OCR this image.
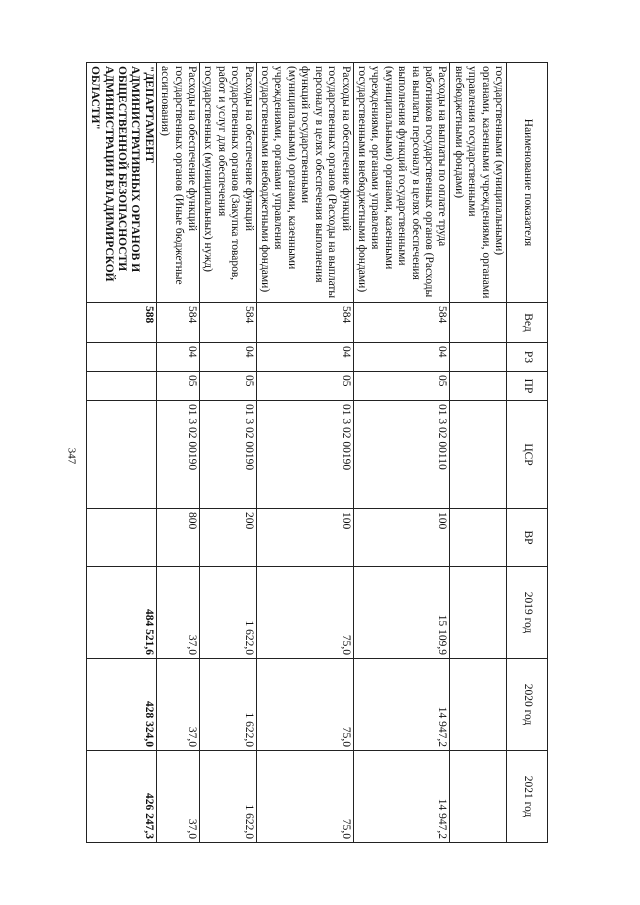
347
Наименование показателя	Вед	РЗ	ПР	ЦСР	ВР	2019 год	2020 год	2021 год
государственными (муниципальными) органами, казенными учреждениями, органами управления государственными внебюджетными фондами)								
Расходы на выплаты по оплате труда работников государственных органов (Расходы на выплаты персоналу в целях обеспечения выполнения функций государственными (муниципальными) органами, казенными учреждениями, органами управления государственными внебюджетными фондами)	584	04	05	01 3 02 00110	100	15 109,9	14 947,2	14 947,2
Расходы на обеспечение функций государственных органов (Расходы на выплаты персоналу в целях обеспечения выполнения функций государственными (муниципальными) органами, казенными учреждениями, органами управления государственными внебюджетными фондами)	584	04	05	01 3 02 00190	100	75,0	75,0	75,0
Расходы на обеспечение функций государственных органов (Закупка товаров, работ и услуг для обеспечения государственных (муниципальных) нужд)	584	04	05	01 3 02 00190	200	1 622,0	1 622,0	1 622,0
Расходы на обеспечение функций государственных органов (Иные бюджетные ассигнования)	584	04	05	01 3 02 00190	800	37,0	37,0	37,0
"ДЕПАРТАМЕНТ АДМИНИСТРАТИВНЫХ ОРГАНОВ И ОБЩЕСТВЕННОЙ БЕЗОПАСНОСТИ АДМИНИСТРАЦИИ ВЛАДИМИРСКОЙ ОБЛАСТИ"	588					484 521,6	428 324,0	426 247,3
